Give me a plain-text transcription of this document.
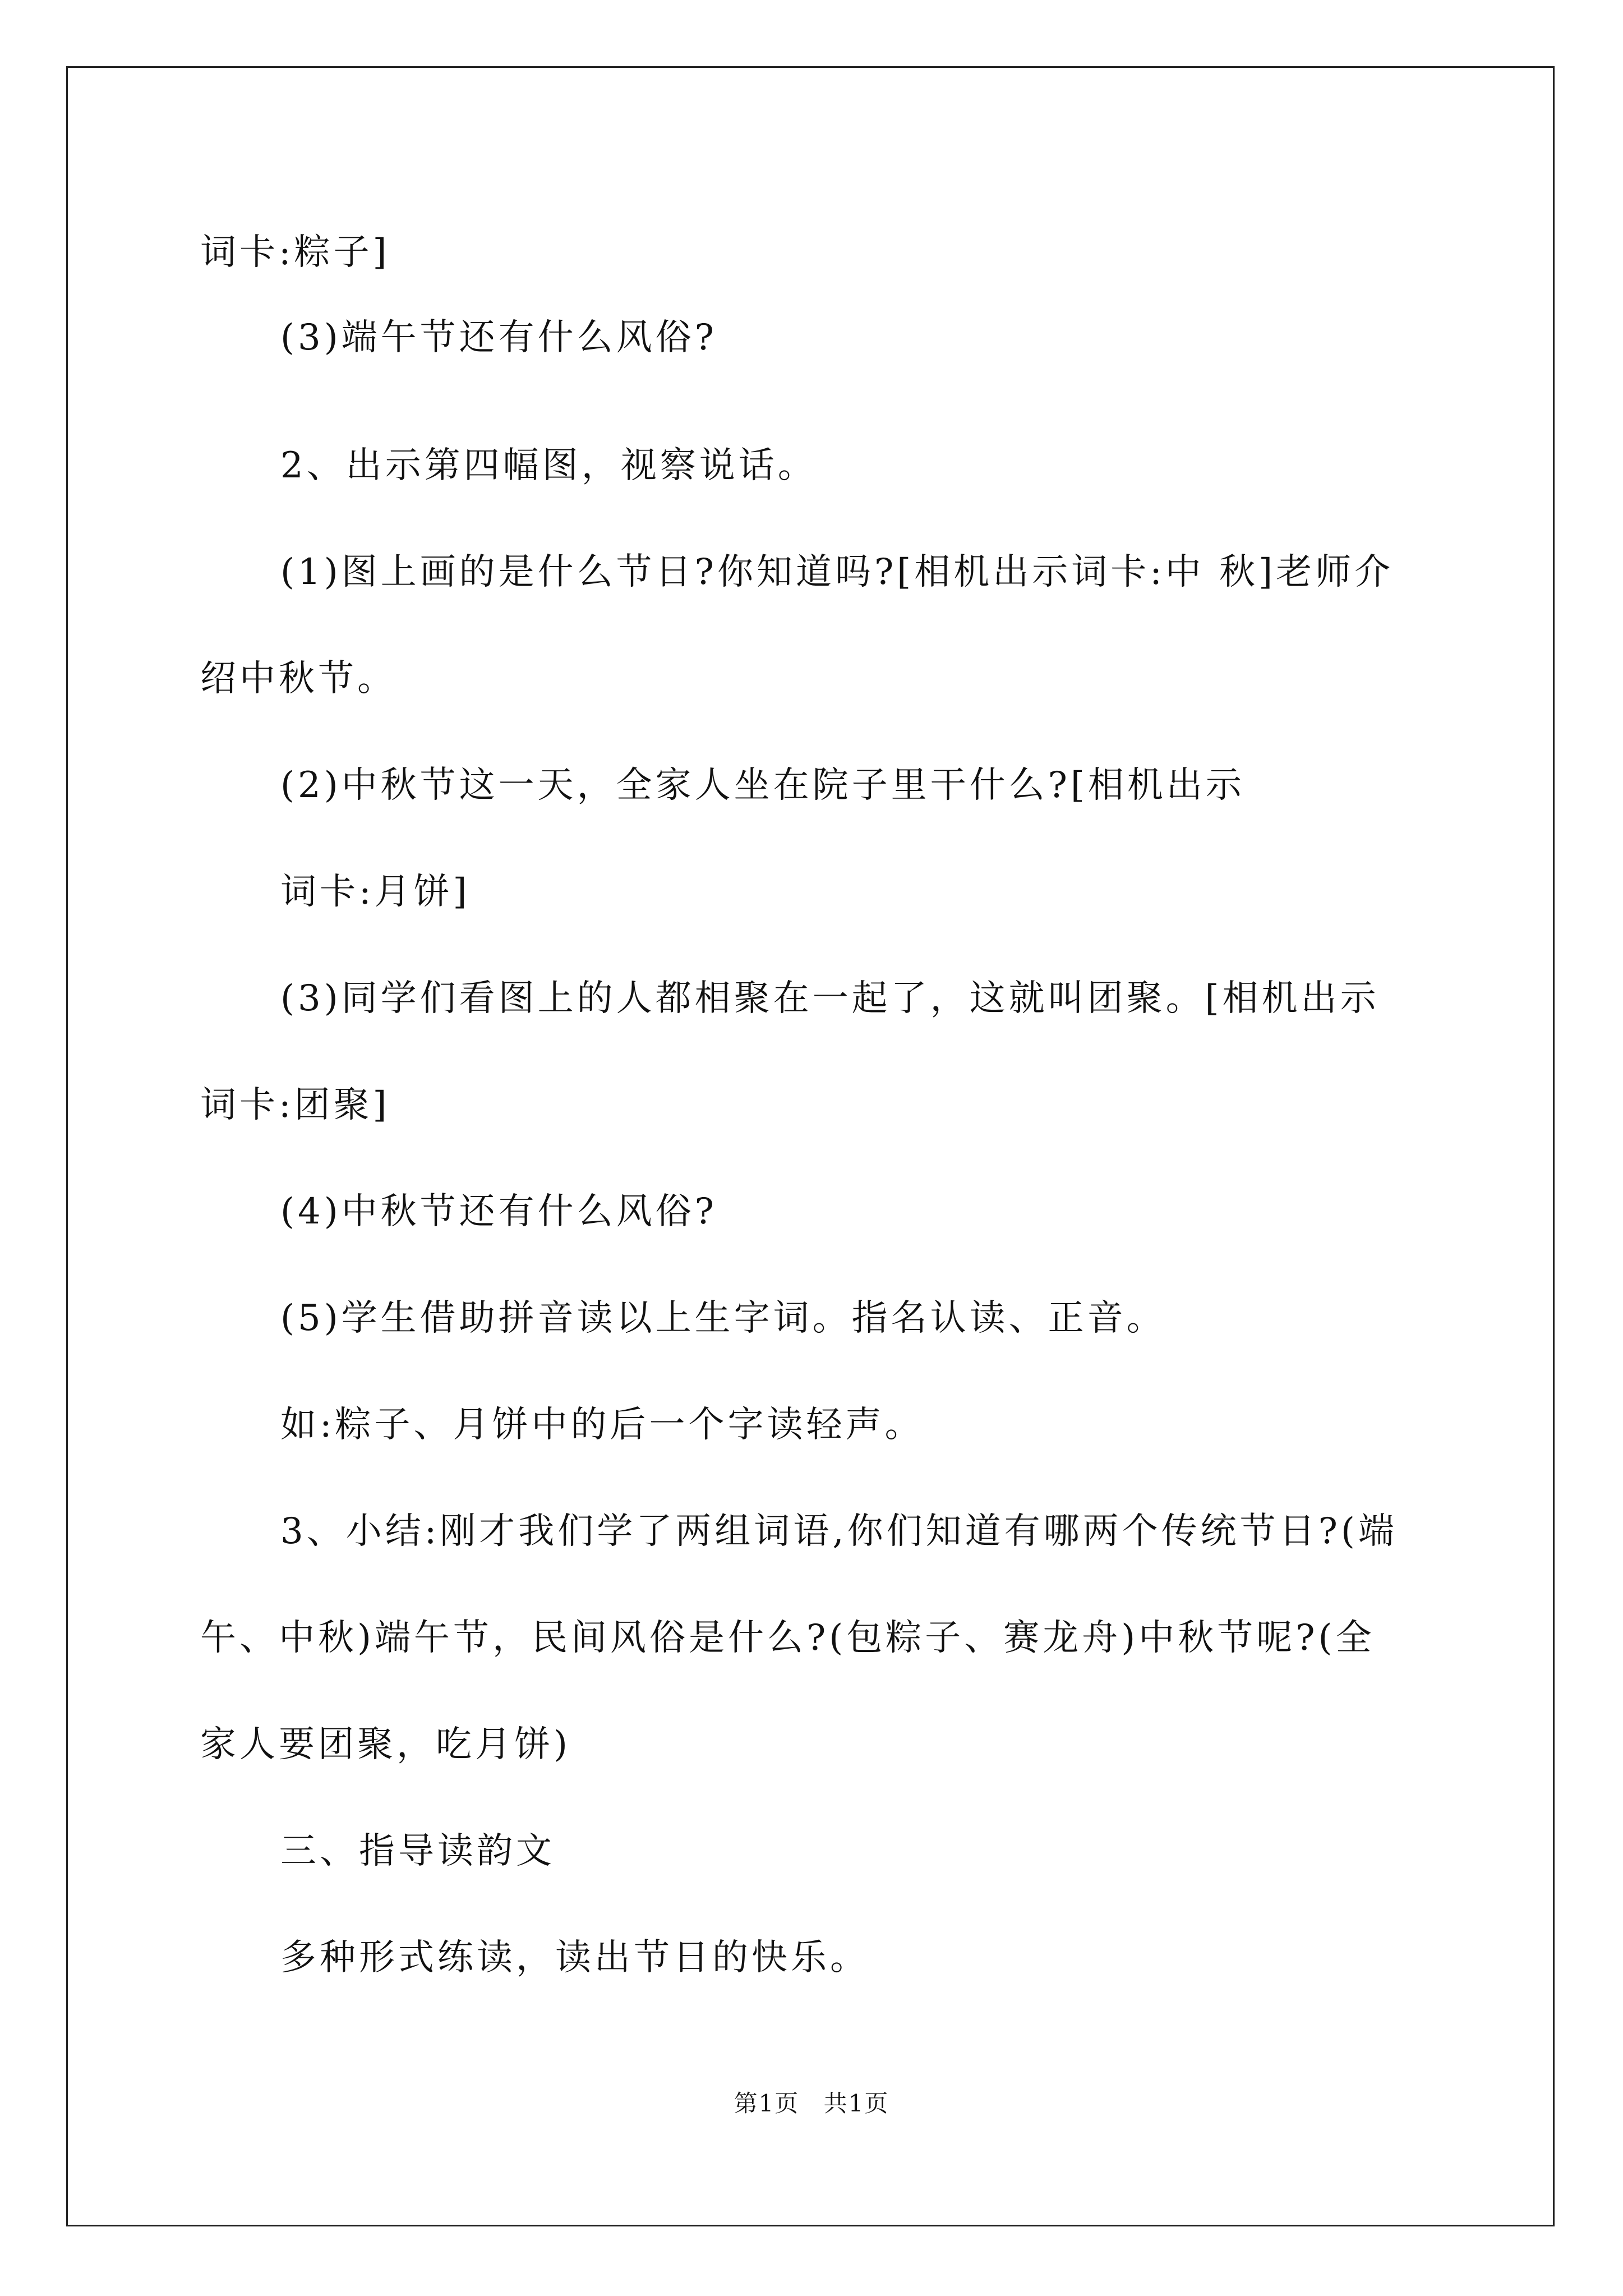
词卡:粽子]
(3)端午节还有什么风俗?
2、出示第四幅图，视察说话。
(1)图上画的是什么节日?你知道吗?[相机出示词卡:中 秋]老师介
绍中秋节。
(2)中秋节这一天，全家人坐在院子里干什么?[相机出示
词卡:月饼]
(3)同学们看图上的人都相聚在一起了，这就叫团聚。[相机出示
词卡:团聚]
(4)中秋节还有什么风俗?
(5)学生借助拼音读以上生字词。指名认读、正音。
如:粽子、月饼中的后一个字读轻声。
3、小结:刚才我们学了两组词语,你们知道有哪两个传统节日?(端
午、中秋)端午节，民间风俗是什么?(包粽子、赛龙舟)中秋节呢?(全
家人要团聚，吃月饼)
三、指导读韵文
多种形式练读，读出节日的快乐。
第1页 共1页
